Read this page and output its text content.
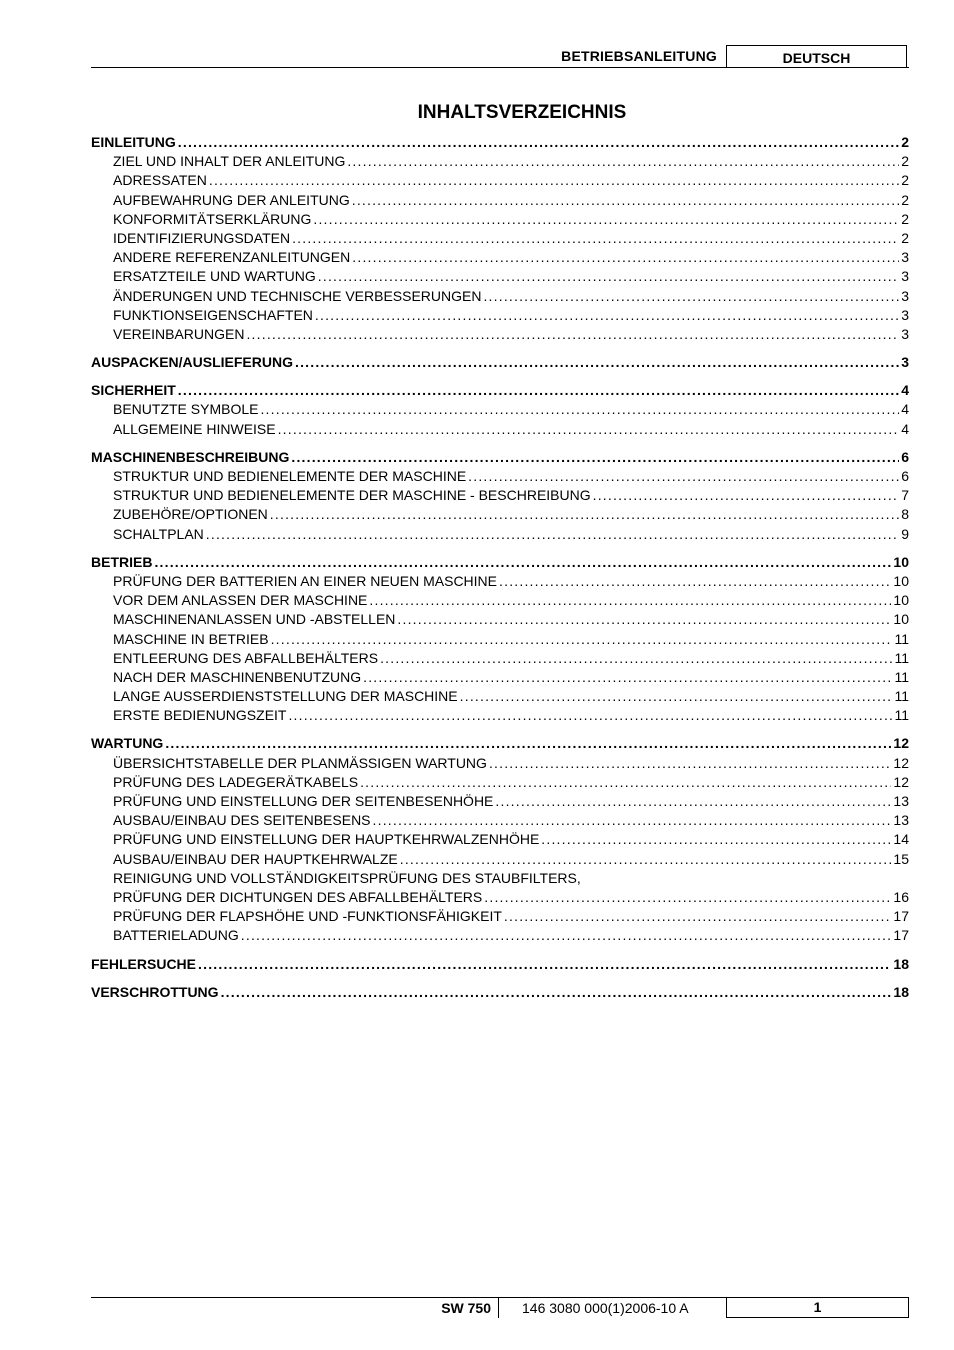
BETRIEBSANLEITUNG	DEUTSCH
INHALTSVERZEICHNIS
EINLEITUNG .....	2
ZIEL UND INHALT DER ANLEITUNG .....	2
ADRESSATEN .....	2
AUFBEWAHRUNG DER ANLEITUNG .....	2
KONFORMITÄTSERKLÄRUNG .....	2
IDENTIFIZIERUNGSDATEN .....	2
ANDERE REFERENZANLEITUNGEN .....	3
ERSATZTEILE UND WARTUNG .....	3
ÄNDERUNGEN UND TECHNISCHE VERBESSERUNGEN .....	3
FUNKTIONSEIGENSCHAFTEN .....	3
VEREINBARUNGEN .....	3
AUSPACKEN/AUSLIEFERUNG .....	3
SICHERHEIT .....	4
BENUTZTE SYMBOLE .....	4
ALLGEMEINE HINWEISE .....	4
MASCHINENBESCHREIBUNG .....	6
STRUKTUR UND BEDIENELEMENTE DER MASCHINE .....	6
STRUKTUR UND BEDIENELEMENTE DER MASCHINE - BESCHREIBUNG .....	7
ZUBEHÖRE/OPTIONEN .....	8
SCHALTPLAN .....	9
BETRIEB .....	10
PRÜFUNG DER BATTERIEN AN EINER NEUEN MASCHINE .....	10
VOR DEM ANLASSEN DER MASCHINE .....	10
MASCHINENANLASSEN UND -ABSTELLEN .....	10
MASCHINE IN BETRIEB .....	11
ENTLEERUNG DES ABFALLBEHÄLTERS .....	11
NACH DER MASCHINENBENUTZUNG .....	11
LANGE AUSSERDIENSTSTELLUNG DER MASCHINE .....	11
ERSTE BEDIENUNGSZEIT .....	11
WARTUNG .....	12
ÜBERSICHTSTABELLE DER PLANMÄSSIGEN WARTUNG .....	12
PRÜFUNG DES LADEGERÄTKABELS .....	12
PRÜFUNG UND EINSTELLUNG DER SEITENBESENHÖHE .....	13
AUSBAU/EINBAU DES SEITENBESENS .....	13
PRÜFUNG UND EINSTELLUNG DER HAUPTKEHRWALZENHÖHE .....	14
AUSBAU/EINBAU DER HAUPTKEHRWALZE .....	15
REINIGUNG UND VOLLSTÄNDIGKEITSPRÜFUNG DES STAUBFILTERS,
PRÜFUNG DER DICHTUNGEN DES ABFALLBEHÄLTERS .....	16
PRÜFUNG DER FLAPSHÖHE UND -FUNKTIONSFÄHIGKEIT .....	17
BATTERIELADUNG .....	17
FEHLERSUCHE .....	18
VERSCHROTTUNG .....	18
SW 750 146 3080 000(1)2006-10 A	1
